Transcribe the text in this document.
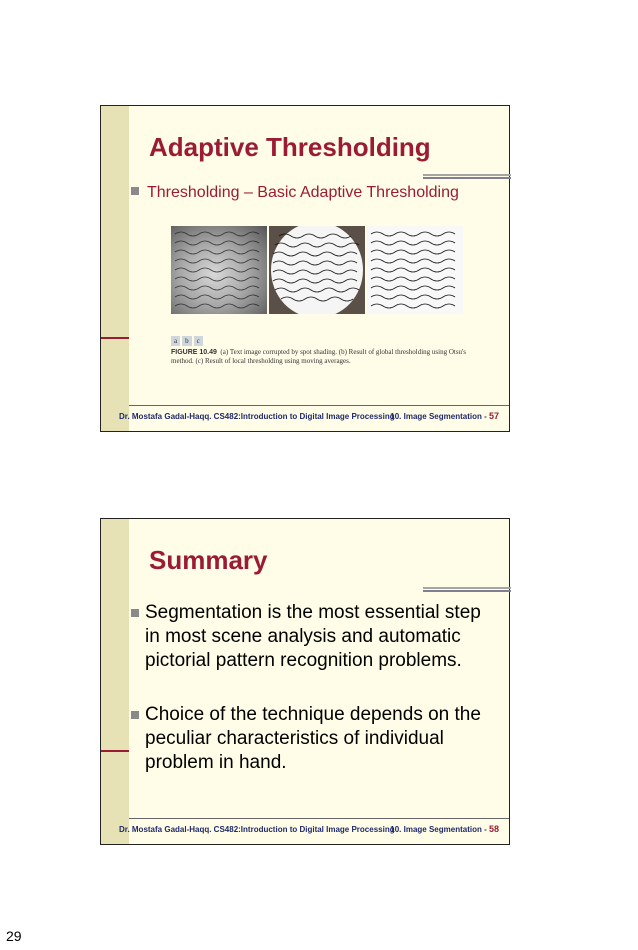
Adaptive Thresholding
Thresholding – Basic Adaptive Thresholding
a	b	c
FIGURE 10.49 (a) Text image corrupted by spot shading. (b) Result of global thresholding using Otsu's method. (c) Result of local thresholding using moving averages.
Dr. Mostafa Gadal-Haqq. CS482:Introduction to Digital Image Processing
10. Image Segmentation - 57
Summary
Segmentation is the most essential step in most scene analysis and automatic pictorial pattern recognition problems.
Choice of the technique depends on the peculiar characteristics of individual problem in hand.
Dr. Mostafa Gadal-Haqq. CS482:Introduction to Digital Image Processing
10. Image Segmentation - 58
29
